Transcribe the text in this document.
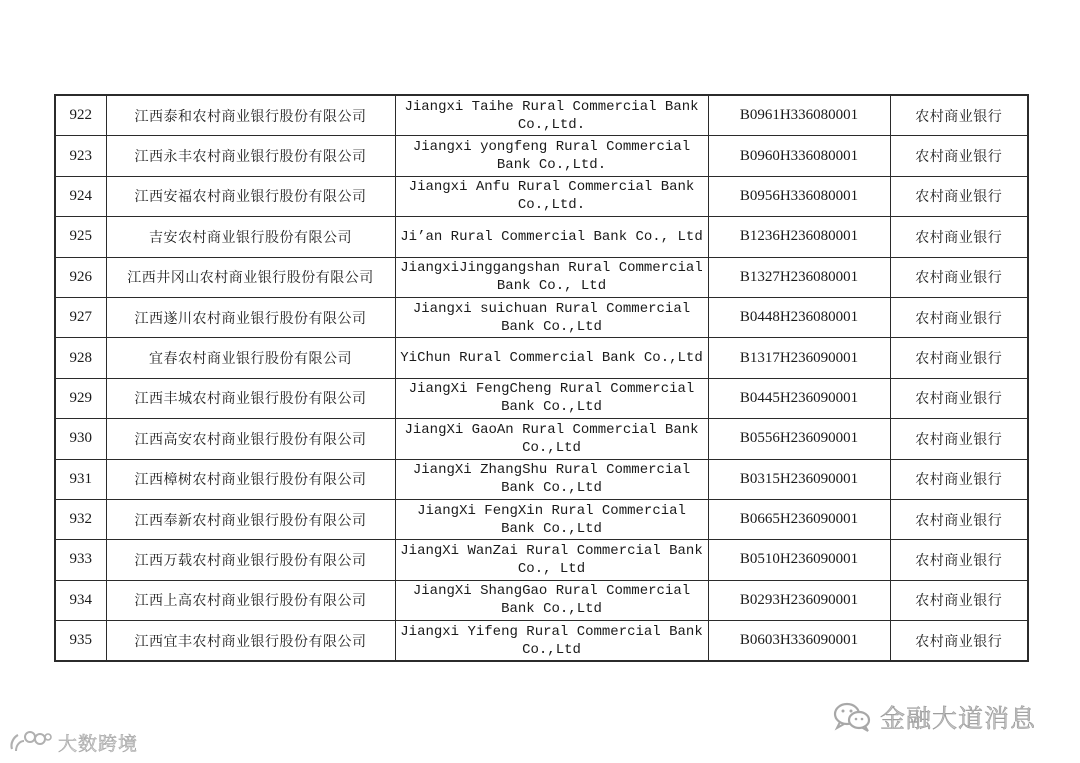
922	江西泰和农村商业银行股份有限公司	Jiangxi Taihe Rural Commercial Bank Co.,Ltd.	B0961H336080001	农村商业银行
923	江西永丰农村商业银行股份有限公司	Jiangxi yongfeng Rural Commercial Bank Co.,Ltd.	B0960H336080001	农村商业银行
924	江西安福农村商业银行股份有限公司	Jiangxi Anfu Rural Commercial Bank Co.,Ltd.	B0956H336080001	农村商业银行
925	吉安农村商业银行股份有限公司	Ji’an Rural Commercial Bank Co., Ltd	B1236H236080001	农村商业银行
926	江西井冈山农村商业银行股份有限公司	JiangxiJinggangshan Rural Commercial Bank Co., Ltd	B1327H236080001	农村商业银行
927	江西遂川农村商业银行股份有限公司	Jiangxi suichuan Rural Commercial Bank Co.,Ltd	B0448H236080001	农村商业银行
928	宜春农村商业银行股份有限公司	YiChun Rural Commercial Bank Co.,Ltd	B1317H236090001	农村商业银行
929	江西丰城农村商业银行股份有限公司	JiangXi FengCheng Rural Commercial Bank Co.,Ltd	B0445H236090001	农村商业银行
930	江西高安农村商业银行股份有限公司	JiangXi GaoAn Rural Commercial Bank Co.,Ltd	B0556H236090001	农村商业银行
931	江西樟树农村商业银行股份有限公司	JiangXi ZhangShu Rural Commercial Bank Co.,Ltd	B0315H236090001	农村商业银行
932	江西奉新农村商业银行股份有限公司	JiangXi FengXin Rural Commercial Bank Co.,Ltd	B0665H236090001	农村商业银行
933	江西万载农村商业银行股份有限公司	JiangXi WanZai Rural Commercial Bank Co., Ltd	B0510H236090001	农村商业银行
934	江西上高农村商业银行股份有限公司	JiangXi ShangGao Rural Commercial Bank Co.,Ltd	B0293H236090001	农村商业银行
935	江西宜丰农村商业银行股份有限公司	Jiangxi Yifeng Rural Commercial Bank Co.,Ltd	B0603H336090001	农村商业银行
金融大道消息
大数跨境
